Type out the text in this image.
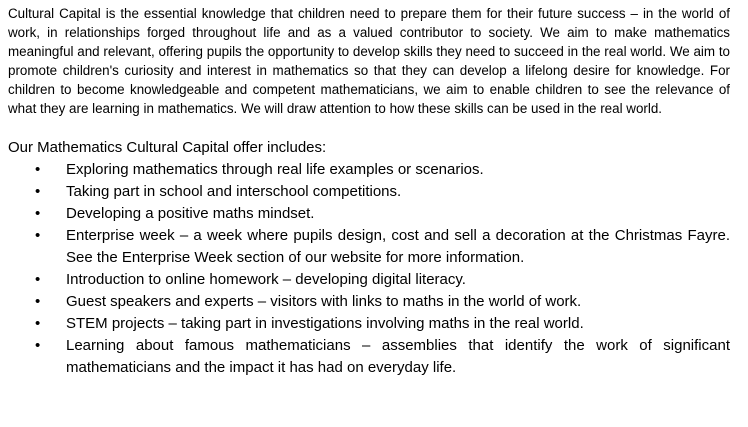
Cultural Capital is the essential knowledge that children need to prepare them for their future success – in the world of work, in relationships forged throughout life and as a valued contributor to society. We aim to make mathematics meaningful and relevant, offering pupils the opportunity to develop skills they need to succeed in the real world. We aim to promote children's curiosity and interest in mathematics so that they can develop a lifelong desire for knowledge. For children to become knowledgeable and competent mathematicians, we aim to enable children to see the relevance of what they are learning in mathematics. We will draw attention to how these skills can be used in the real world.

Our Mathematics Cultural Capital offer includes:

• Exploring mathematics through real life examples or scenarios.
• Taking part in school and interschool competitions.
• Developing a positive maths mindset.
• Enterprise week – a week where pupils design, cost and sell a decoration at the Christmas Fayre. See the Enterprise Week section of our website for more information.
• Introduction to online homework – developing digital literacy.
• Guest speakers and experts – visitors with links to maths in the world of work.
• STEM projects – taking part in investigations involving maths in the real world.
• Learning about famous mathematicians – assemblies that identify the work of significant mathematicians and the impact it has had on everyday life.
